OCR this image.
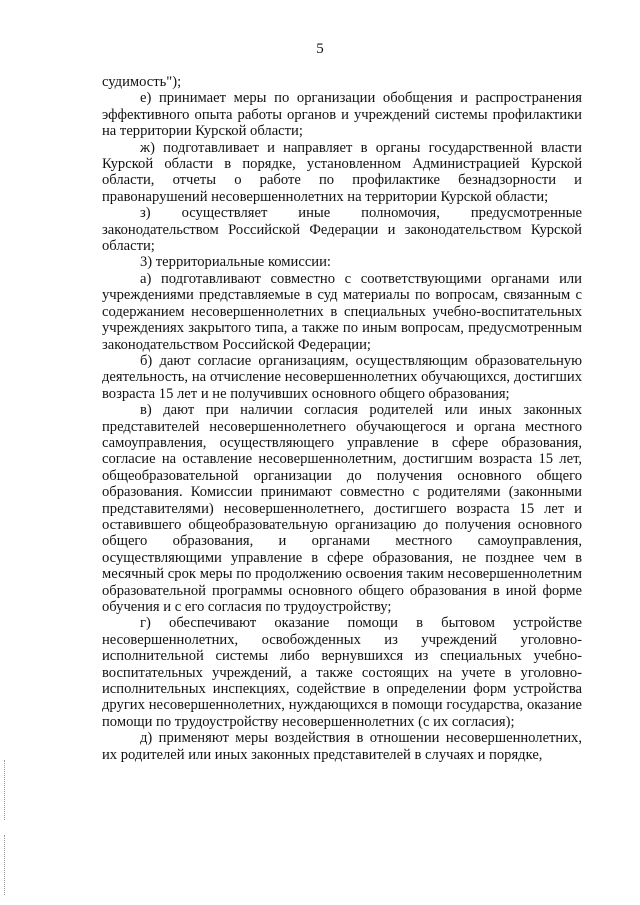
5

судимость");

е) принимает меры по организации обобщения и распространения эффективного опыта работы органов и учреждений системы профилактики на территории Курской области;

ж) подготавливает и направляет в органы государственной власти Курской области в порядке, установленном Администрацией Курской области, отчеты о работе по профилактике безнадзорности и правонарушений несовершеннолетних на территории Курской области;

з) осуществляет иные полномочия, предусмотренные законодательством Российской Федерации и законодательством Курской области;

3) территориальные комиссии:

а) подготавливают совместно с соответствующими органами или учреждениями представляемые в суд материалы по вопросам, связанным с содержанием несовершеннолетних в специальных учебно-воспитательных учреждениях закрытого типа, а также по иным вопросам, предусмотренным законодательством Российской Федерации;

б) дают согласие организациям, осуществляющим образовательную деятельность, на отчисление несовершеннолетних обучающихся, достигших возраста 15 лет и не получивших основного общего образования;

в) дают при наличии согласия родителей или иных законных представителей несовершеннолетнего обучающегося и органа местного самоуправления, осуществляющего управление в сфере образования, согласие на оставление несовершеннолетним, достигшим возраста 15 лет, общеобразовательной организации до получения основного общего образования. Комиссии принимают совместно с родителями (законными представителями) несовершеннолетнего, достигшего возраста 15 лет и оставившего общеобразовательную организацию до получения основного общего образования, и органами местного самоуправления, осуществляющими управление в сфере образования, не позднее чем в месячный срок меры по продолжению освоения таким несовершеннолетним образовательной программы основного общего образования в иной форме обучения и с его согласия по трудоустройству;

г) обеспечивают оказание помощи в бытовом устройстве несовершеннолетних, освобожденных из учреждений уголовно-исполнительной системы либо вернувшихся из специальных учебно-воспитательных учреждений, а также состоящих на учете в уголовно-исполнительных инспекциях, содействие в определении форм устройства других несовершеннолетних, нуждающихся в помощи государства, оказание помощи по трудоустройству несовершеннолетних (с их согласия);

д) применяют меры воздействия в отношении несовершеннолетних, их родителей или иных законных представителей в случаях и порядке,
